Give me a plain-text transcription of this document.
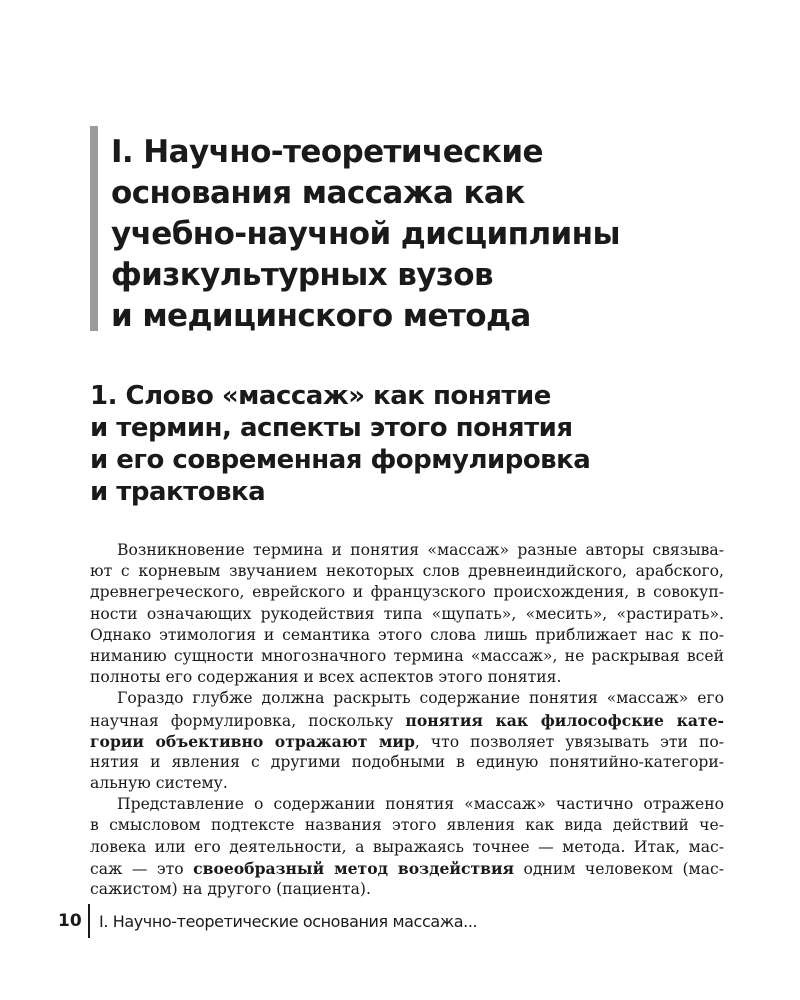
I. Научно-теоретические
основания массажа как
учебно-научной дисциплины
физкультурных вузов
и медицинского метода
1. Слово «массаж» как понятие
и термин, аспекты этого понятия
и его современная формулировка
и трактовка
Возникновение термина и понятия «массаж» разные авторы связыва-
ют с корневым звучанием некоторых слов древнеиндийского, арабского,
древнегреческого, еврейского и французского происхождения, в совокуп-
ности означающих рукодействия типа «щупать», «месить», «растирать».
Однако этимология и семантика этого слова лишь приближает нас к по-
ниманию сущности многозначного термина «массаж», не раскрывая всей
полноты его содержания и всех аспектов этого понятия.
Гораздо глубже должна раскрыть содержание понятия «массаж» его
научная формулировка, поскольку понятия как философские кате-
гории объективно отражают мир, что позволяет увязывать эти по-
нятия и явления с другими подобными в единую понятийно-категори-
альную систему.
Представление о содержании понятия «массаж» частично отражено
в смысловом подтексте названия этого явления как вида действий че-
ловека или его деятельности, а выражаясь точнее — метода. Итак, мас-
саж — это своеобразный метод воздействия одним человеком (мас-
сажистом) на другого (пациента).
10 I. Научно-теоретические основания массажа...
